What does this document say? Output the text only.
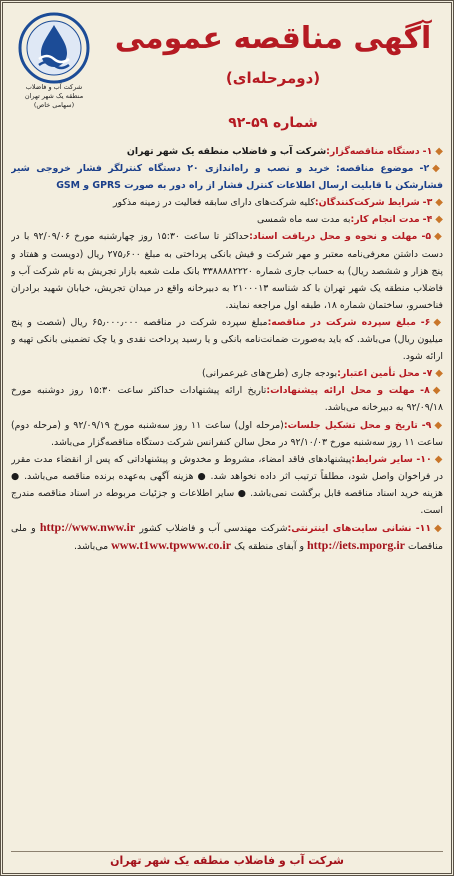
شرکت آب و فاضلاب
منطقه یک شهر تهران
(سهامی خاص)
آگهی مناقصه عمومی
(دومرحله‌ای)
شماره ۵۹-۹۲

◆۱- دستگاه مناقصه‌گزار:شرکت آب و فاضلاب منطقه یک شهر تهران

◆۲- موضوع مناقصه: خرید و نصب و راه‌اندازی ۲۰ دستگاه کنترلگر فشار خروجی شیر فشارشکن با قابلیت ارسال اطلاعات کنترل فشار از راه دور به صورت GPRS و GSM

◆۳- شرایط شرکت‌کنندگان:کلیه شرکت‌های دارای سابقه فعالیت در زمینه مذکور

◆۴- مدت انجام کار:به مدت سه ماه شمسی

◆۵- مهلت و نحوه و محل دریافت اسناد:حداکثر تا ساعت ۱۵:۳۰ روز چهارشنبه مورخ ۹۲/۰۹/۰۶ با در دست داشتن معرفی‌نامه معتبر و مهر شرکت و فیش بانکی پرداختی به مبلغ ۲۷۵٫۶۰۰ ریال (دویست و هفتاد و پنج هزار و ششصد ریال) به حساب جاری شماره ۳۳۸۸۸۸۲۲۲۰ بانک ملت شعبه بازار تجریش به نام شرکت آب و فاضلاب منطقه یک شهر تهران با کد شناسه ۲۱۰۰۰۱۳ به دبیرخانه واقع در میدان تجریش، خیابان شهید برادران فناخسرو، ساختمان شماره ۱۸، طبقه اول مراجعه نمایند.

◆۶- مبلغ سپرده شرکت در مناقصه:مبلغ سپرده شرکت در مناقصه ۶۵٫۰۰۰٫۰۰۰ ریال (شصت و پنج میلیون ریال) می‌باشد. که باید به‌صورت ضمانت‌نامه بانکی و یا رسید پرداخت نقدی و یا چک تضمینی بانکی تهیه و ارائه شود.

◆۷- محل تأمین اعتبار:بودجه جاری (طرح‌های غیرعمرانی)

◆۸- مهلت و محل ارائه پیشنهادات:تاریخ ارائه پیشنهادات حداکثر ساعت ۱۵:۳۰ روز دوشنبه مورخ ۹۲/۰۹/۱۸ به دبیرخانه می‌باشد.

◆۹- تاریخ و محل تشکیل جلسات:(مرحله اول) ساعت ۱۱ روز سه‌شنبه مورخ ۹۲/۰۹/۱۹ و (مرحله دوم) ساعت ۱۱ روز سه‌شنبه مورخ ۹۲/۱۰/۰۳ در محل سالن کنفرانس شرکت دستگاه مناقصه‌گزار می‌باشد.

◆۱۰- سایر شرایط:پیشنهادهای فاقد امضاء، مشروط و مخدوش و پیشنهاداتی که پس از انقضاء مدت مقرر در فراخوان واصل شود، مطلقاً ترتیب اثر داده نخواهد شد. ● هزینه آگهی به‌عهده برنده مناقصه می‌باشد. ● هزینه خرید اسناد مناقصه قابل برگشت نمی‌باشد. ● سایر اطلاعات و جزئیات مربوطه در اسناد مناقصه مندرج است.

◆۱۱- نشانی سایت‌های اینترنتی:شرکت مهندسی آب و فاضلاب کشور http://www.nww.ir و ملی مناقصات http://iets.mporg.ir و آبفای منطقه یک www.t1ww.tpwww.co.ir می‌باشد.

شرکت آب و فاضلاب منطقه یک شهر تهران
